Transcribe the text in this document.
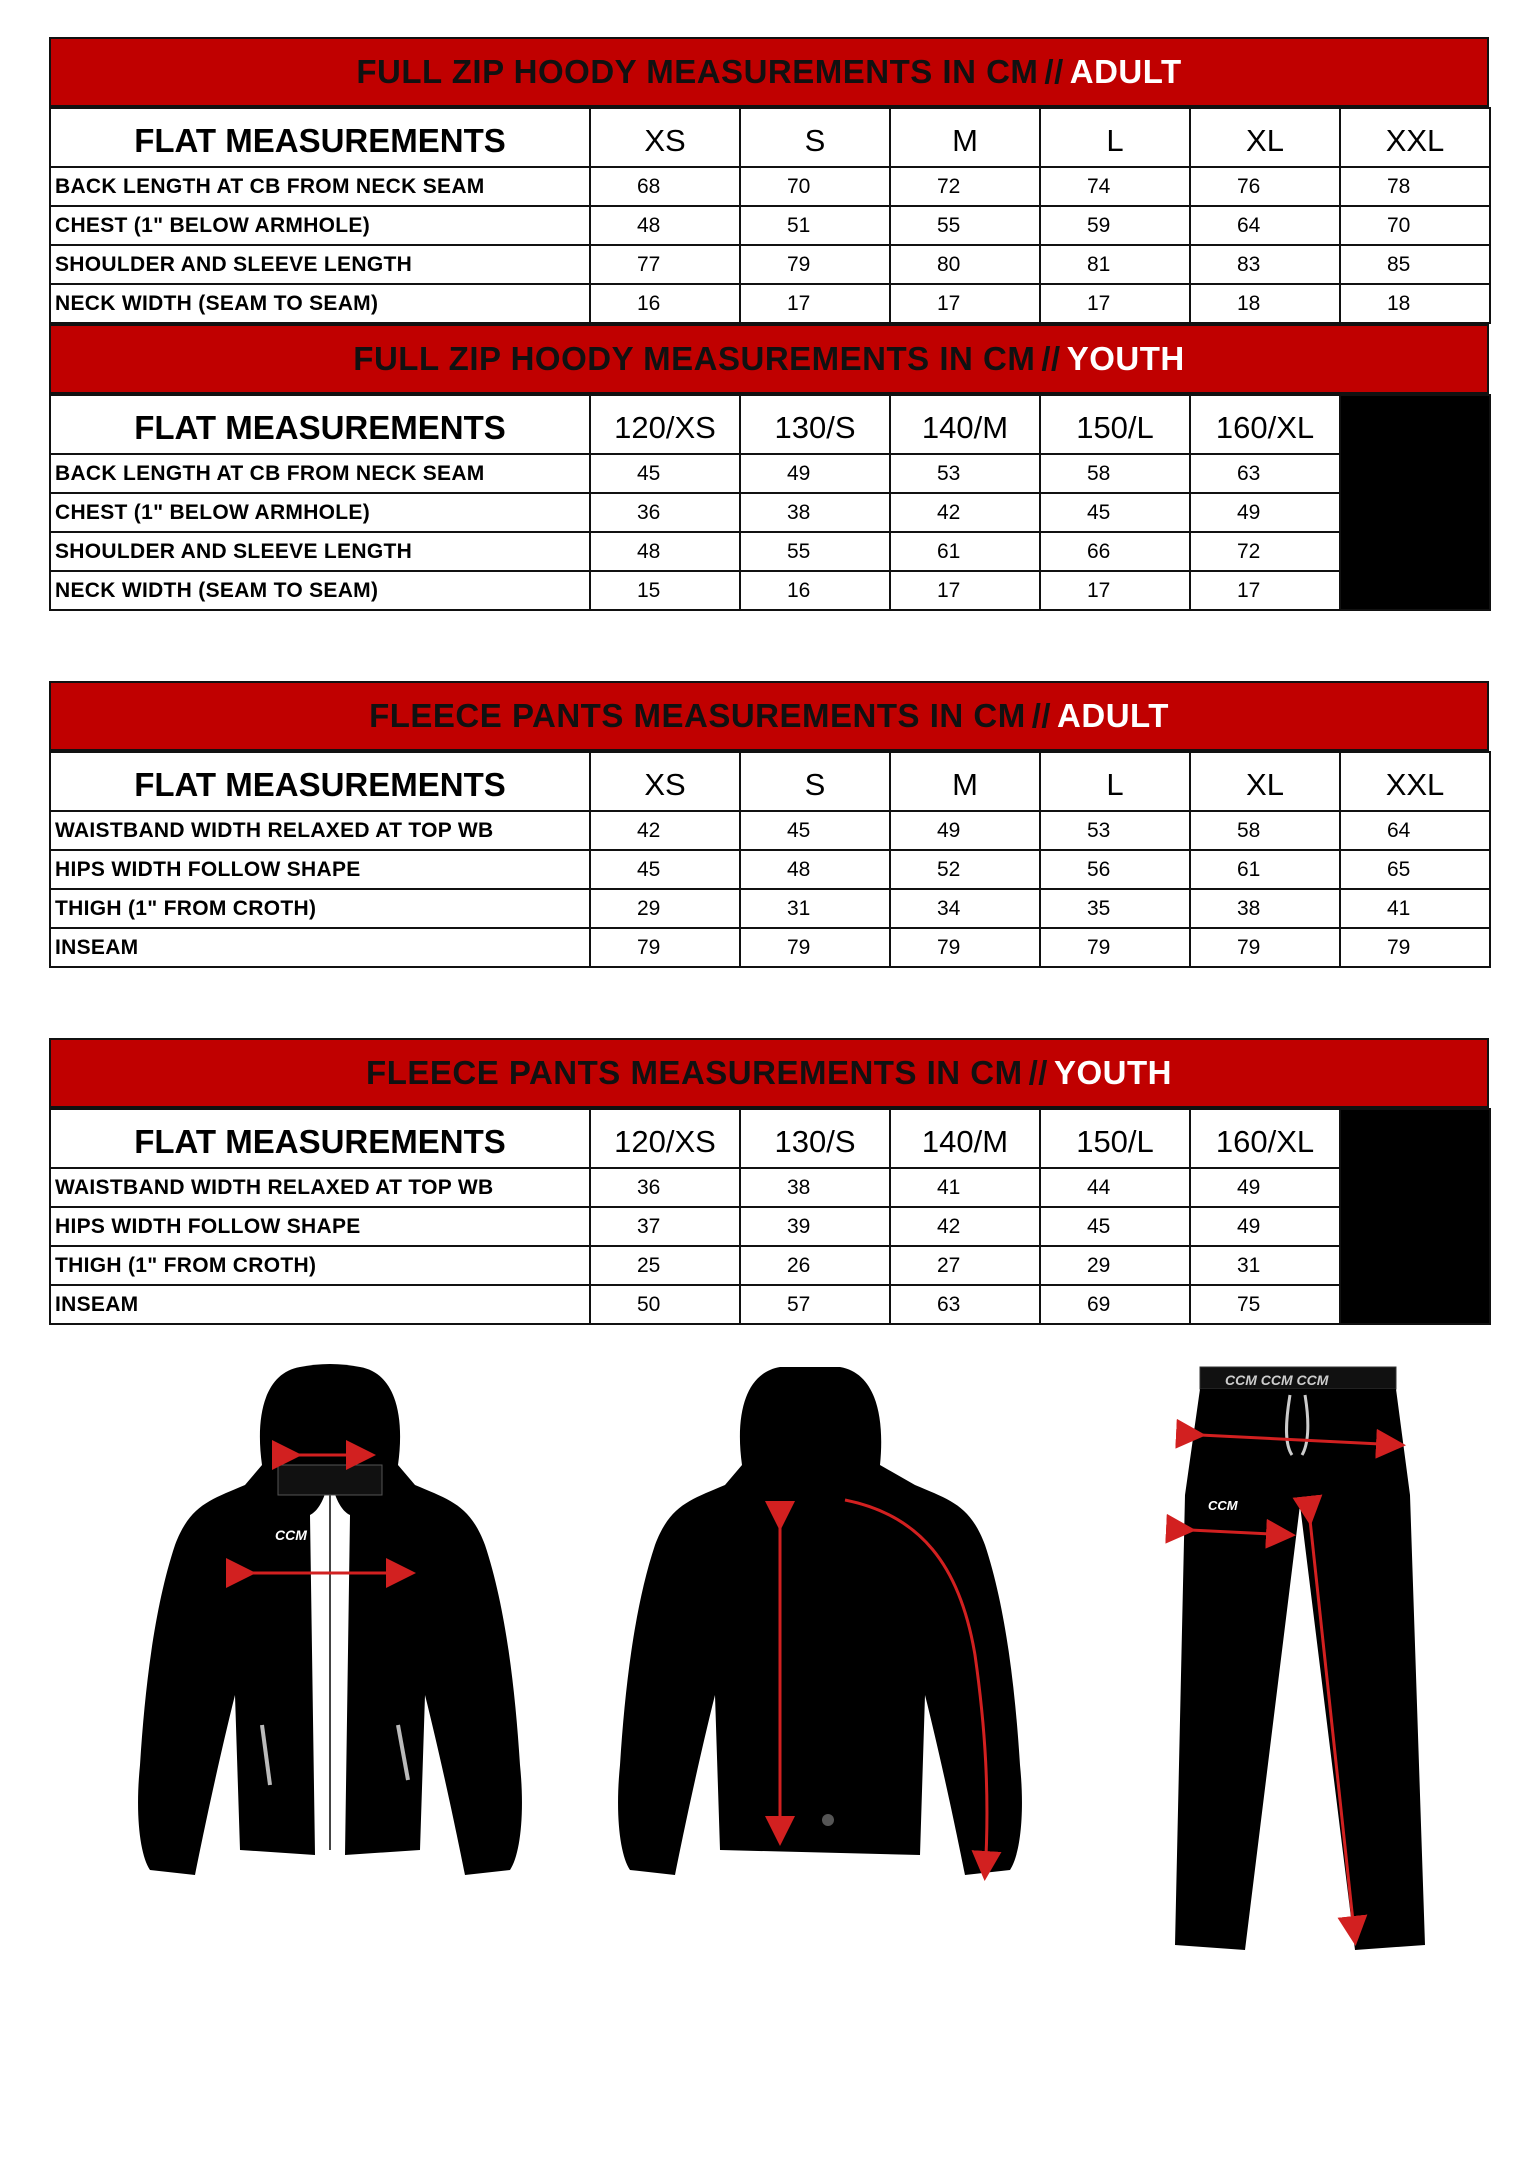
FULL ZIP HOODY MEASUREMENTS IN CM // ADULT
FLAT MEASUREMENTS	XS	S	M	L	XL	XXL
BACK LENGTH AT CB FROM NECK SEAM	68	70	72	74	76	78
CHEST (1" BELOW ARMHOLE)	48	51	55	59	64	70
SHOULDER AND SLEEVE LENGTH	77	79	80	81	83	85
NECK WIDTH (SEAM TO SEAM)	16	17	17	17	18	18
FULL ZIP HOODY MEASUREMENTS IN CM // YOUTH
FLAT MEASUREMENTS	120/XS	130/S	140/M	150/L	160/XL	
BACK LENGTH AT CB FROM NECK SEAM	45	49	53	58	63	
CHEST (1" BELOW ARMHOLE)	36	38	42	45	49	
SHOULDER AND SLEEVE LENGTH	48	55	61	66	72	
NECK WIDTH (SEAM TO SEAM)	15	16	17	17	17	
FLEECE PANTS MEASUREMENTS IN CM // ADULT
FLAT MEASUREMENTS	XS	S	M	L	XL	XXL
WAISTBAND WIDTH RELAXED AT TOP WB	42	45	49	53	58	64
HIPS WIDTH FOLLOW SHAPE	45	48	52	56	61	65
THIGH (1" FROM CROTH)	29	31	34	35	38	41
INSEAM	79	79	79	79	79	79
FLEECE PANTS MEASUREMENTS IN CM // YOUTH
FLAT MEASUREMENTS	120/XS	130/S	140/M	150/L	160/XL	
WAISTBAND WIDTH RELAXED AT TOP WB	36	38	41	44	49	
HIPS WIDTH FOLLOW SHAPE	37	39	42	45	49	
THIGH (1" FROM CROTH)	25	26	27	29	31	
INSEAM	50	57	63	69	75	
CCM
CCM CCM CCM
CCM
